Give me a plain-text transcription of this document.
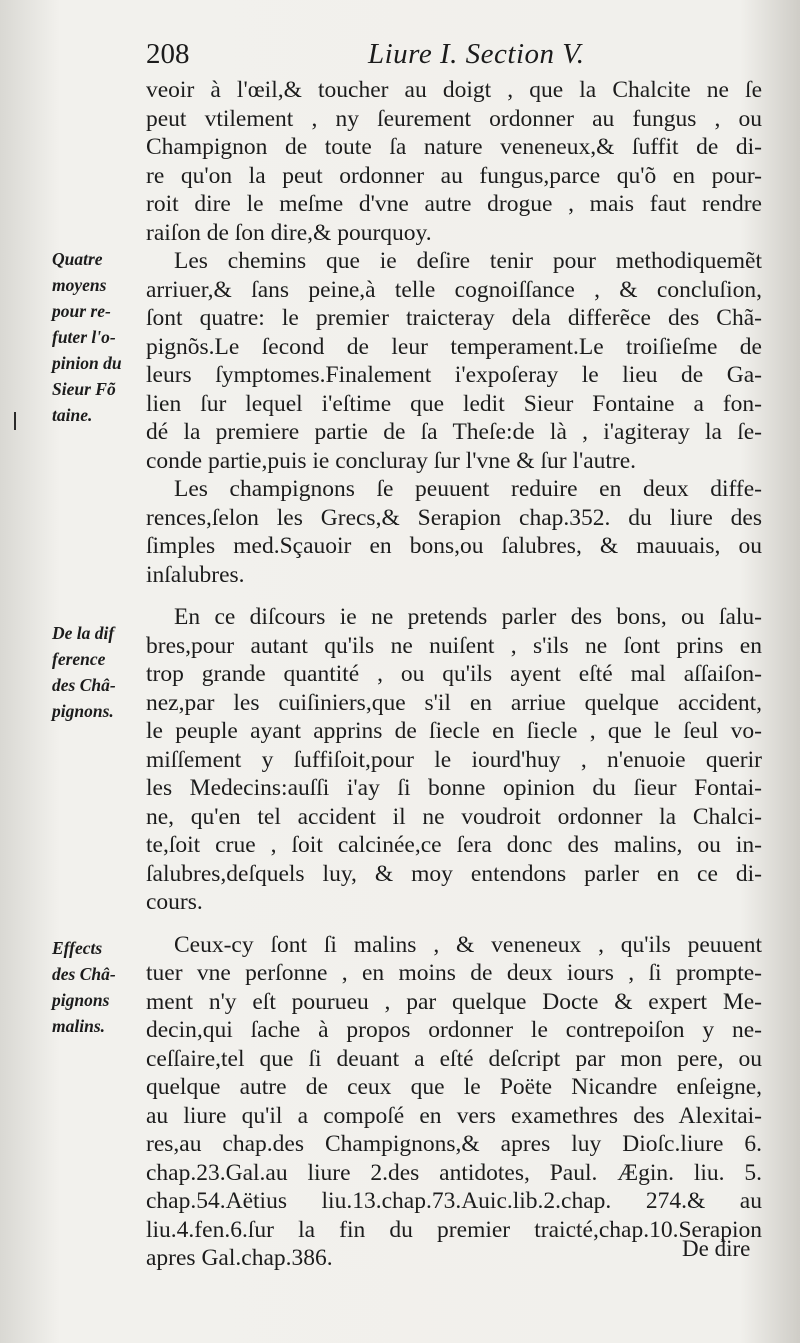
208	Liure I. Section V.
Quatre
moyens
pour re-
futer l'o-
pinion du
Sieur Fõ
taine.
De la dif
ference
des Châ-
pignons.
Effects
des Châ-
pignons
malins.
veoir à l'œil,& toucher au doigt , que la Chalcite ne ſe
peut vtilement , ny ſeurement ordonner au fungus , ou
Champignon de toute ſa nature veneneux,& ſuffit de di-
re qu'on la peut ordonner au fungus,parce qu'õ en pour-
roit dire le meſme d'vne autre drogue , mais faut rendre
raiſon de ſon dire,& pourquoy.
Les chemins que ie deſire tenir pour methodiquemẽt
arriuer,& ſans peine,à telle cognoiſſance , & concluſion,
ſont quatre: le premier traicteray dela differẽce des Chã-
pignõs.Le ſecond de leur temperament.Le troiſieſme de
leurs ſymptomes.Finalement i'expoſeray le lieu de Ga-
lien ſur lequel i'eſtime que ledit Sieur Fontaine a fon-
dé la premiere partie de ſa Theſe:de là , i'agiteray la ſe-
conde partie,puis ie concluray ſur l'vne & ſur l'autre.
Les champignons ſe peuuent reduire en deux diffe-
rences,ſelon les Grecs,& Serapion chap.352. du liure des
ſimples med.Sçauoir en bons,ou ſalubres, & mauuais, ou
inſalubres.
En ce diſcours ie ne pretends parler des bons, ou ſalu-
bres,pour autant qu'ils ne nuiſent , s'ils ne ſont prins en
trop grande quantité , ou qu'ils ayent eſté mal aſſaiſon-
nez,par les cuiſiniers,que s'il en arriue quelque accident,
le peuple ayant apprins de ſiecle en ſiecle , que le ſeul vo-
miſſement y ſuffiſoit,pour le iourd'huy , n'enuoie querir
les Medecins:auſſi i'ay ſi bonne opinion du ſieur Fontai-
ne, qu'en tel accident il ne voudroit ordonner la Chalci-
te,ſoit crue , ſoit calcinée,ce ſera donc des malins, ou in-
ſalubres,deſquels luy, & moy entendons parler en ce di-
cours.
Ceux-cy ſont ſi malins , & veneneux , qu'ils peuuent
tuer vne perſonne , en moins de deux iours , ſi prompte-
ment n'y eſt pourueu , par quelque Docte & expert Me-
decin,qui ſache à propos ordonner le contrepoiſon y ne-
ceſſaire,tel que ſi deuant a eſté deſcript par mon pere, ou
quelque autre de ceux que le Poëte Nicandre enſeigne,
au liure qu'il a compoſé en vers examethres des Alexitai-
res,au chap.des Champignons,& apres luy Dioſc.liure 6.
chap.23.Gal.au liure 2.des antidotes, Paul. Ægin. liu. 5.
chap.54.Aëtius liu.13.chap.73.Auic.lib.2.chap. 274.& au
liu.4.fen.6.ſur la fin du premier traicté,chap.10.Serapion
apres Gal.chap.386.	De dire
